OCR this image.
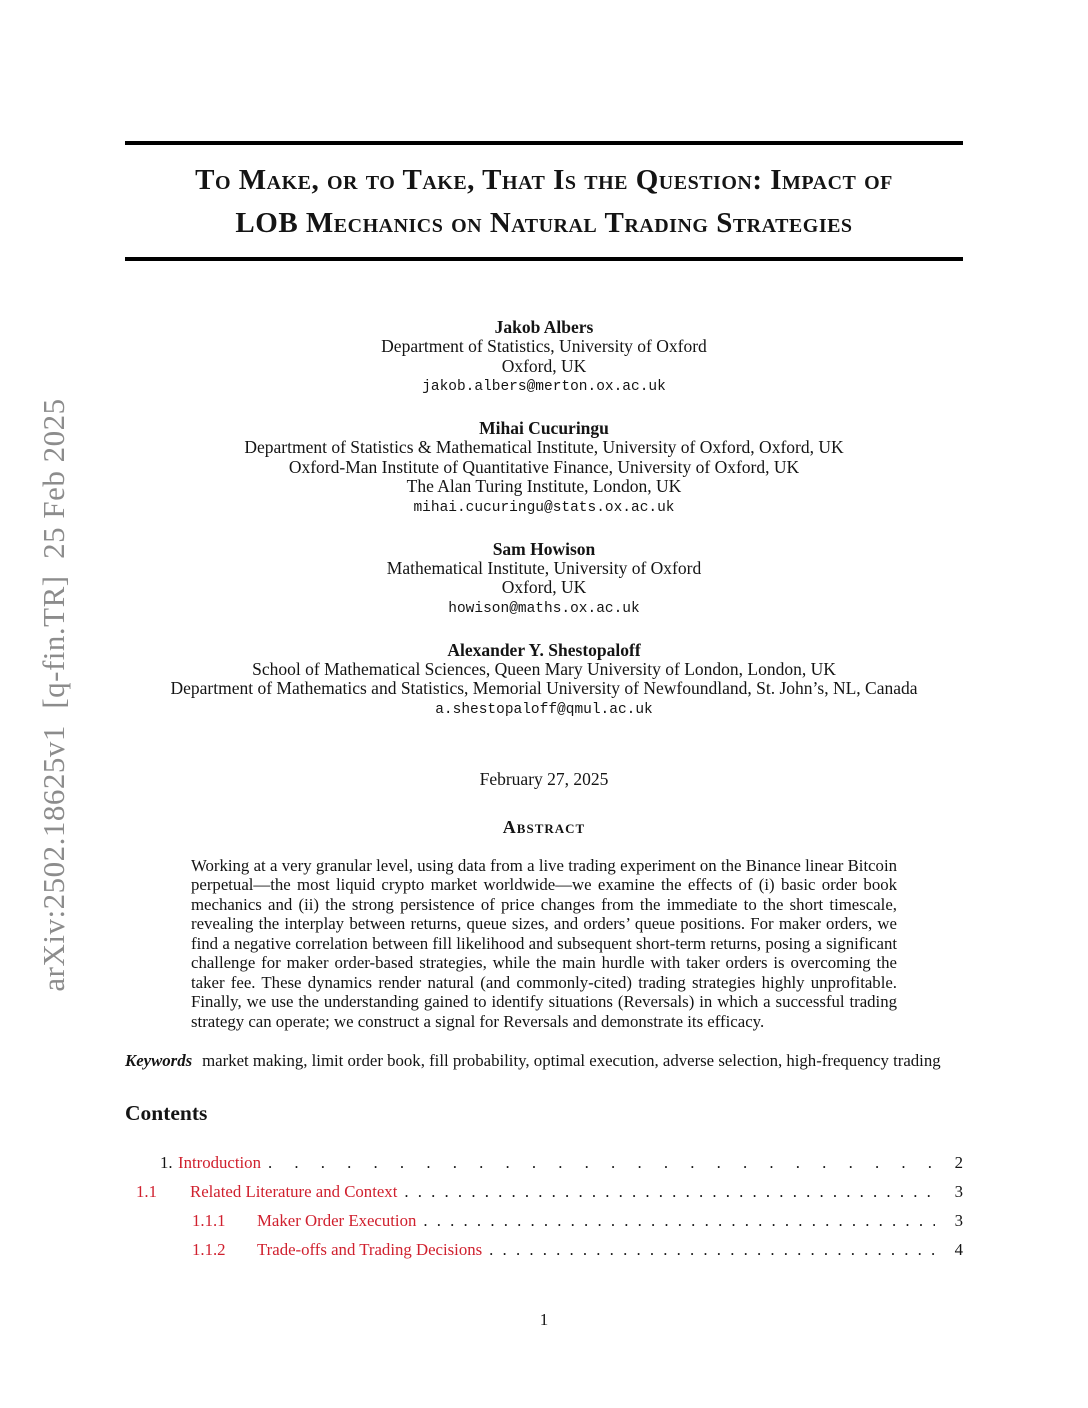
arXiv:2502.18625v1  [q-fin.TR]  25 Feb 2025
To Make, or to Take, That Is the Question: Impact of
LOB Mechanics on Natural Trading Strategies
Jakob Albers
Department of Statistics, University of Oxford
Oxford, UK
jakob.albers@merton.ox.ac.uk
Mihai Cucuringu
Department of Statistics & Mathematical Institute, University of Oxford, Oxford, UK
Oxford-Man Institute of Quantitative Finance, University of Oxford, UK
The Alan Turing Institute, London, UK
mihai.cucuringu@stats.ox.ac.uk
Sam Howison
Mathematical Institute, University of Oxford
Oxford, UK
howison@maths.ox.ac.uk
Alexander Y. Shestopaloff
School of Mathematical Sciences, Queen Mary University of London, London, UK
Department of Mathematics and Statistics, Memorial University of Newfoundland, St. John’s, NL, Canada
a.shestopaloff@qmul.ac.uk
February 27, 2025
Abstract

Working at a very granular level, using data from a live trading experiment on the Binance linear Bitcoin perpetual—the most liquid crypto market worldwide—we examine the effects of (i) basic order book mechanics and (ii) the strong persistence of price changes from the immediate to the short timescale, revealing the interplay between returns, queue sizes, and orders’ queue positions. For maker orders, we find a negative correlation between fill likelihood and subsequent short-term returns, posing a significant challenge for maker order-based strategies, while the main hurdle with taker orders is overcoming the taker fee. These dynamics render natural (and commonly-cited) trading strategies highly unprofitable. Finally, we use the understanding gained to identify situations (Reversals) in which a successful trading strategy can operate; we construct a signal for Reversals and demonstrate its efficacy.

Keywords market making, limit order book, fill probability, optimal execution, adverse selection, high-frequency trading

Contents
1. Introduction . . .	2
1.1	Related Literature and Context . . .	3
1.1.1	Maker Order Execution . . .	3
1.1.2	Trade-offs and Trading Decisions . . .	4
1
